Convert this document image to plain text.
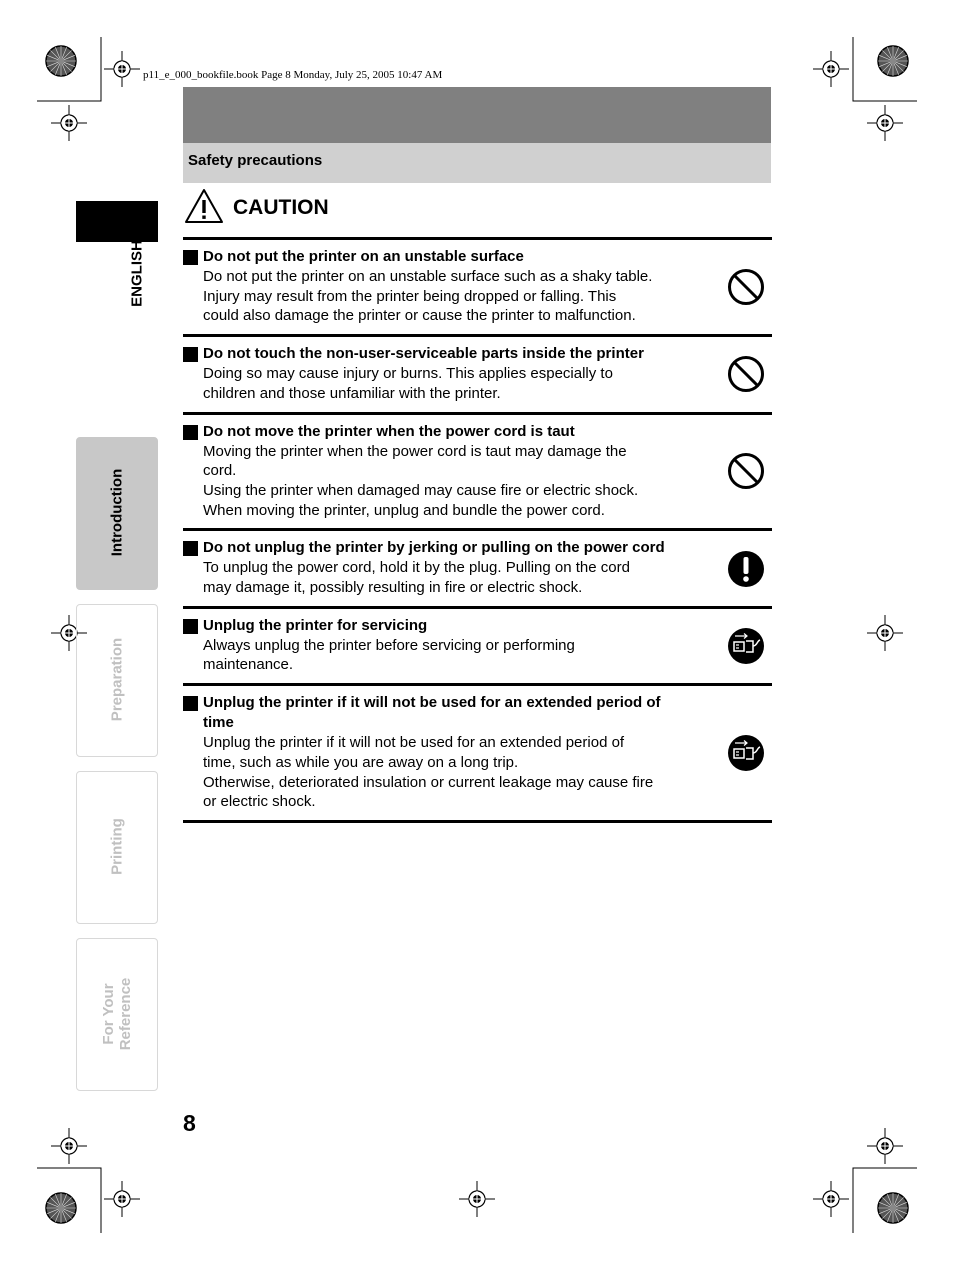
p11_e_000_bookfile.book Page 8 Monday, July 25, 2005 10:47 AM
Safety precautions
CAUTION
Do not put the printer on an unstable surface
Do not put the printer on an unstable surface such as a shaky table.
Injury may result from the printer being dropped or falling. This
could also damage the printer or cause the printer to malfunction.
Do not touch the non-user-serviceable parts inside the printer
Doing so may cause injury or burns. This applies especially to
children and those unfamiliar with the printer.
Do not move the printer when the power cord is taut
Moving the printer when the power cord is taut may damage the
cord.
Using the printer when damaged may cause fire or electric shock.
When moving the printer, unplug and bundle the power cord.
Do not unplug the printer by jerking or pulling on the power cord
To unplug the power cord, hold it by the plug. Pulling on the cord
may damage it, possibly resulting in fire or electric shock.
Unplug the printer for servicing
Always unplug the printer before servicing or performing
maintenance.
Unplug the printer if it will not be used for an extended period of time
Unplug the printer if it will not be used for an extended period of
time, such as while you are away on a long trip.
Otherwise, deteriorated insulation or current leakage may cause fire
or electric shock.
ENGLISH
Introduction
Preparation
Printing
For Your Reference
8
